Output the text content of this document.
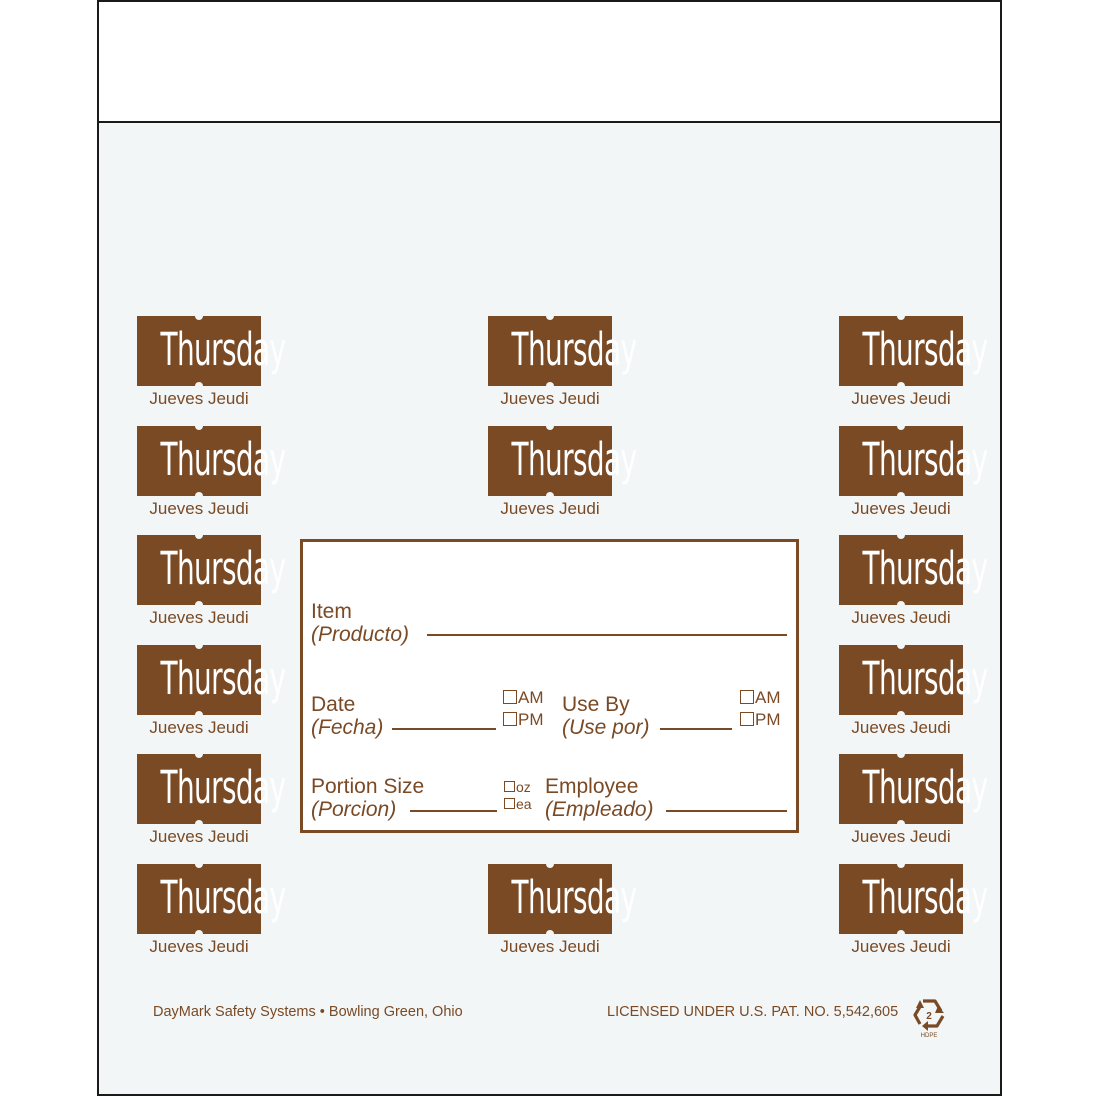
Thursday
Jueves Jeudi
Thursday
Jueves Jeudi
Thursday
Jueves Jeudi
Thursday
Jueves Jeudi
Thursday
Jueves Jeudi
Thursday
Jueves Jeudi
Thursday
Jueves Jeudi
Thursday
Jueves Jeudi
Thursday
Jueves Jeudi
Thursday
Jueves Jeudi
Thursday
Jueves Jeudi
Thursday
Jueves Jeudi
Thursday
Jueves Jeudi
Thursday
Jueves Jeudi
Thursday
Jueves Jeudi
Item
(Producto)
Date
(Fecha)
AM
PM
Use By
(Use por)
AM
PM
Portion Size
(Porcion)
oz
ea
Employee
(Empleado)
DayMark Safety Systems • Bowling Green, Ohio	LICENSED UNDER U.S. PAT. NO. 5,542,605	2
HDPE
